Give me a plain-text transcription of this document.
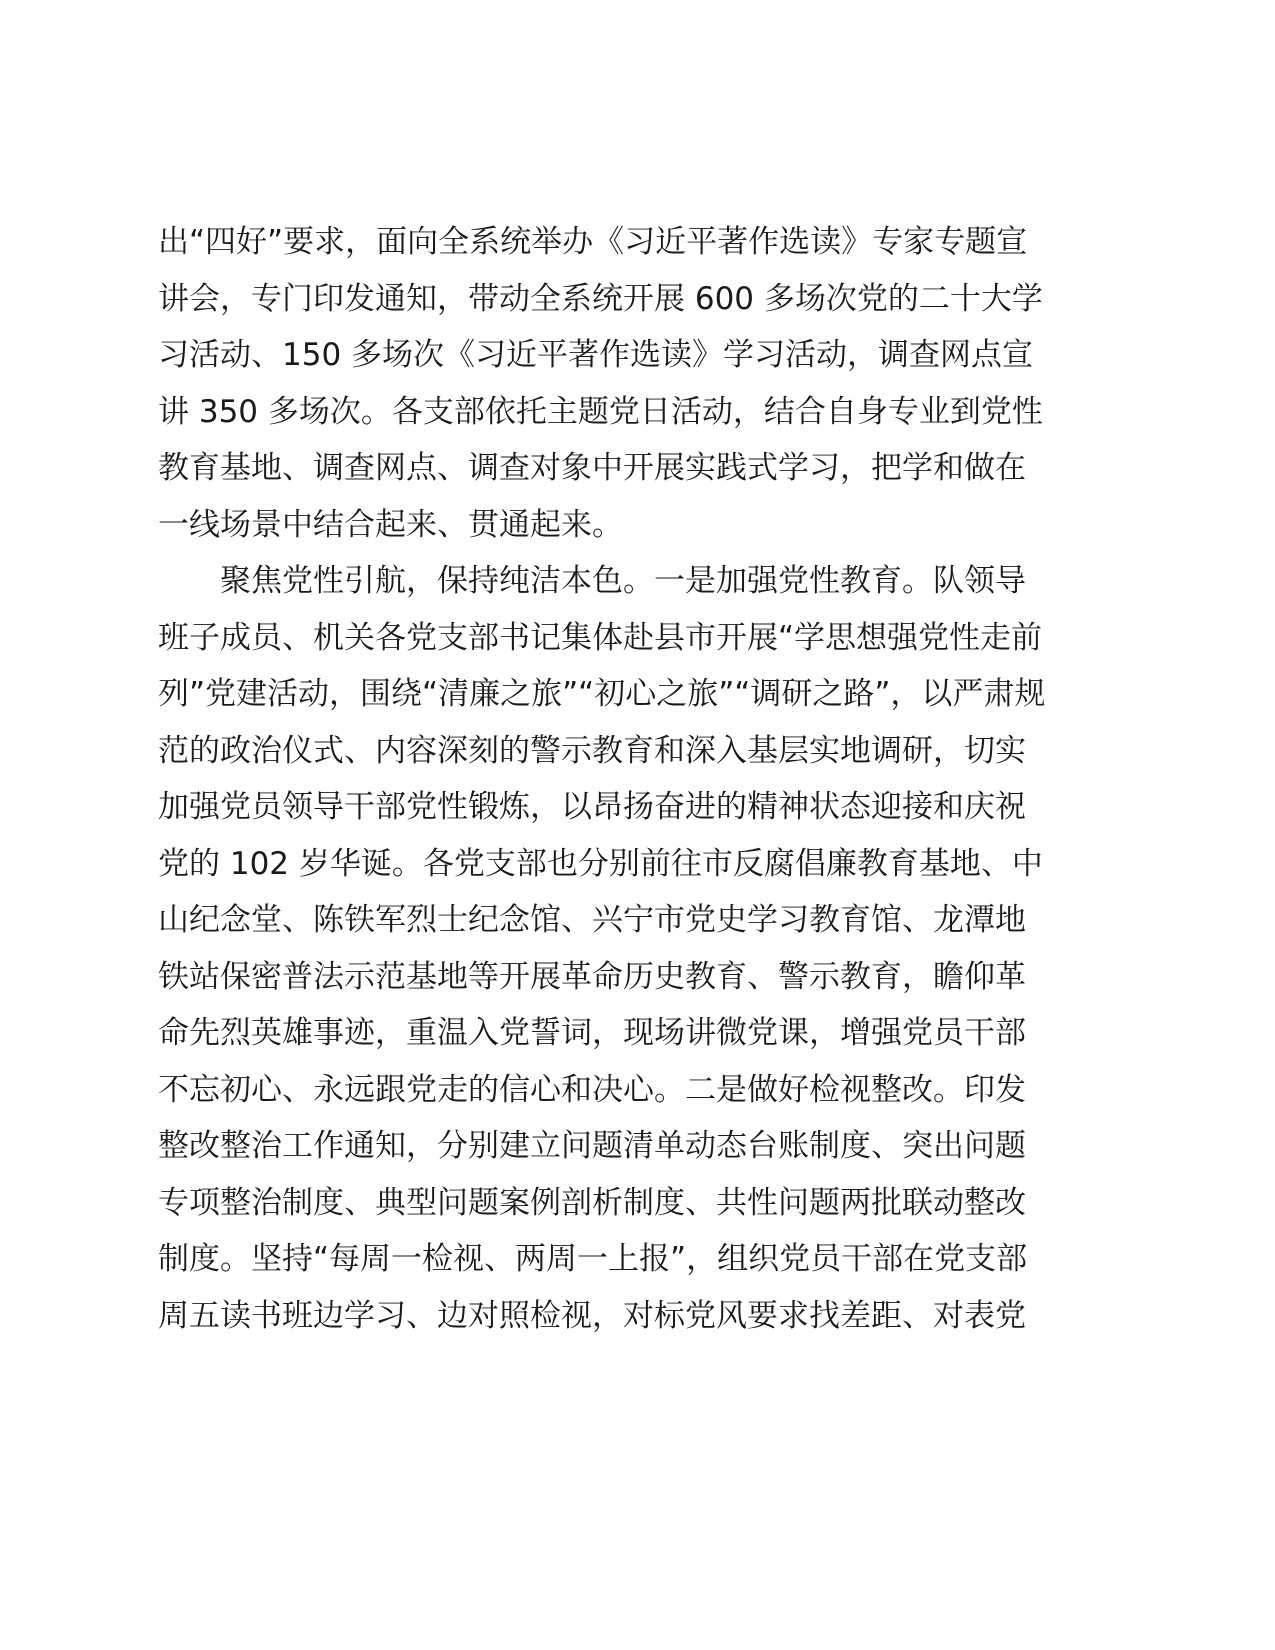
出“四好”要求，面向全系统举办《习近平著作选读》专家专题宣
讲会，专门印发通知，带动全系统开展 600 多场次党的二十大学
习活动、150 多场次《习近平著作选读》学习活动，调查网点宣
讲 350 多场次。各支部依托主题党日活动，结合自身专业到党性
教育基地、调查网点、调查对象中开展实践式学习，把学和做在
一线场景中结合起来、贯通起来。
聚焦党性引航，保持纯洁本色。一是加强党性教育。队领导
班子成员、机关各党支部书记集体赴县市开展“学思想强党性走前
列”党建活动，围绕“清廉之旅”“初心之旅”“调研之路”，以严肃规
范的政治仪式、内容深刻的警示教育和深入基层实地调研，切实
加强党员领导干部党性锻炼，以昂扬奋进的精神状态迎接和庆祝
党的 102 岁华诞。各党支部也分别前往市反腐倡廉教育基地、中
山纪念堂、陈铁军烈士纪念馆、兴宁市党史学习教育馆、龙潭地
铁站保密普法示范基地等开展革命历史教育、警示教育，瞻仰革
命先烈英雄事迹，重温入党誓词，现场讲微党课，增强党员干部
不忘初心、永远跟党走的信心和决心。二是做好检视整改。印发
整改整治工作通知，分别建立问题清单动态台账制度、突出问题
专项整治制度、典型问题案例剖析制度、共性问题两批联动整改
制度。坚持“每周一检视、两周一上报”，组织党员干部在党支部
周五读书班边学习、边对照检视，对标党风要求找差距、对表党
